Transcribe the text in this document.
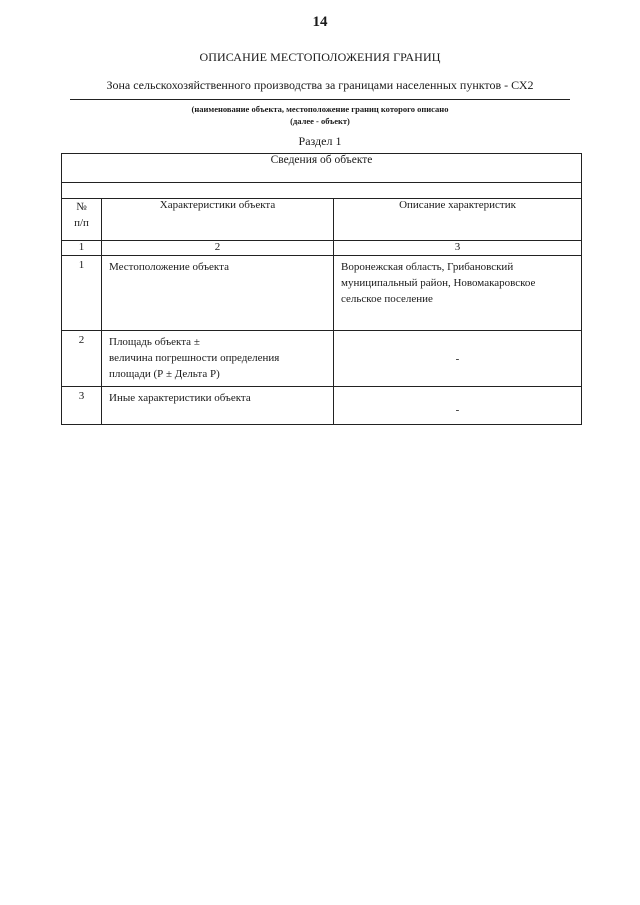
14
ОПИСАНИЕ МЕСТОПОЛОЖЕНИЯ ГРАНИЦ
Зона сельскохозяйственного производства за границами населенных пунктов - СХ2
(наименование объекта, местоположение границ которого описано
(далее - объект)
Раздел 1
Сведения об объекте		

№
п/п	Характеристики объекта	Описание характеристик
1	2	3
1	Местоположение объекта	Воронежская область, Грибановский муниципальный район, Новомакаровское сельское поселение
2	Площадь объекта ±
величина погрешности определения
площади (Р ± Дельта Р)	-
3	Иные характеристики объекта	-
